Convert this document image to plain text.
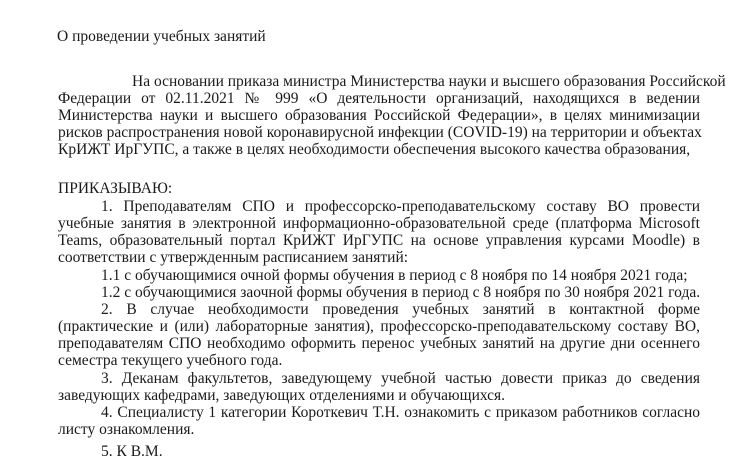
О проведении учебных занятий
На основании приказа министра Министерства науки и высшего образования Российской
Федерации от 02.11.2021 № 999 «О деятельности организаций, находящихся в ведении
Министерства науки и высшего образования Российской Федерации», в целях минимизации
рисков распространения новой коронавирусной инфекции (COVID-19) на территории и объектах
КрИЖТ ИрГУПС, а также в целях необходимости обеспечения высокого качества образования,
ПРИКАЗЫВАЮ:
1. Преподавателям СПО и профессорско-преподавательскому составу ВО провести
учебные занятия в электронной информационно-образовательной среде (платформа Microsoft
Teams, образовательный портал КрИЖТ ИрГУПС на основе управления курсами Moodle) в
соответствии с утвержденным расписанием занятий:
1.1 с обучающимися очной формы обучения в период с 8 ноября по 14 ноября 2021 года;
1.2 с обучающимися заочной формы обучения в период с 8 ноября по 30 ноября 2021 года.
2. В случае необходимости проведения учебных занятий в контактной форме
(практические и (или) лабораторные занятия), профессорско-преподавательскому составу ВО,
преподавателям СПО необходимо оформить перенос учебных занятий на другие дни осеннего
семестра текущего учебного года.
3. Деканам факультетов, заведующему учебной частью довести приказ до сведения
заведующих кафедрами, заведующих отделениями и обучающихся.
4. Специалисту 1 категории Короткевич Т.Н. ознакомить с приказом работников согласно
листу ознакомления.
5. К В.М.
